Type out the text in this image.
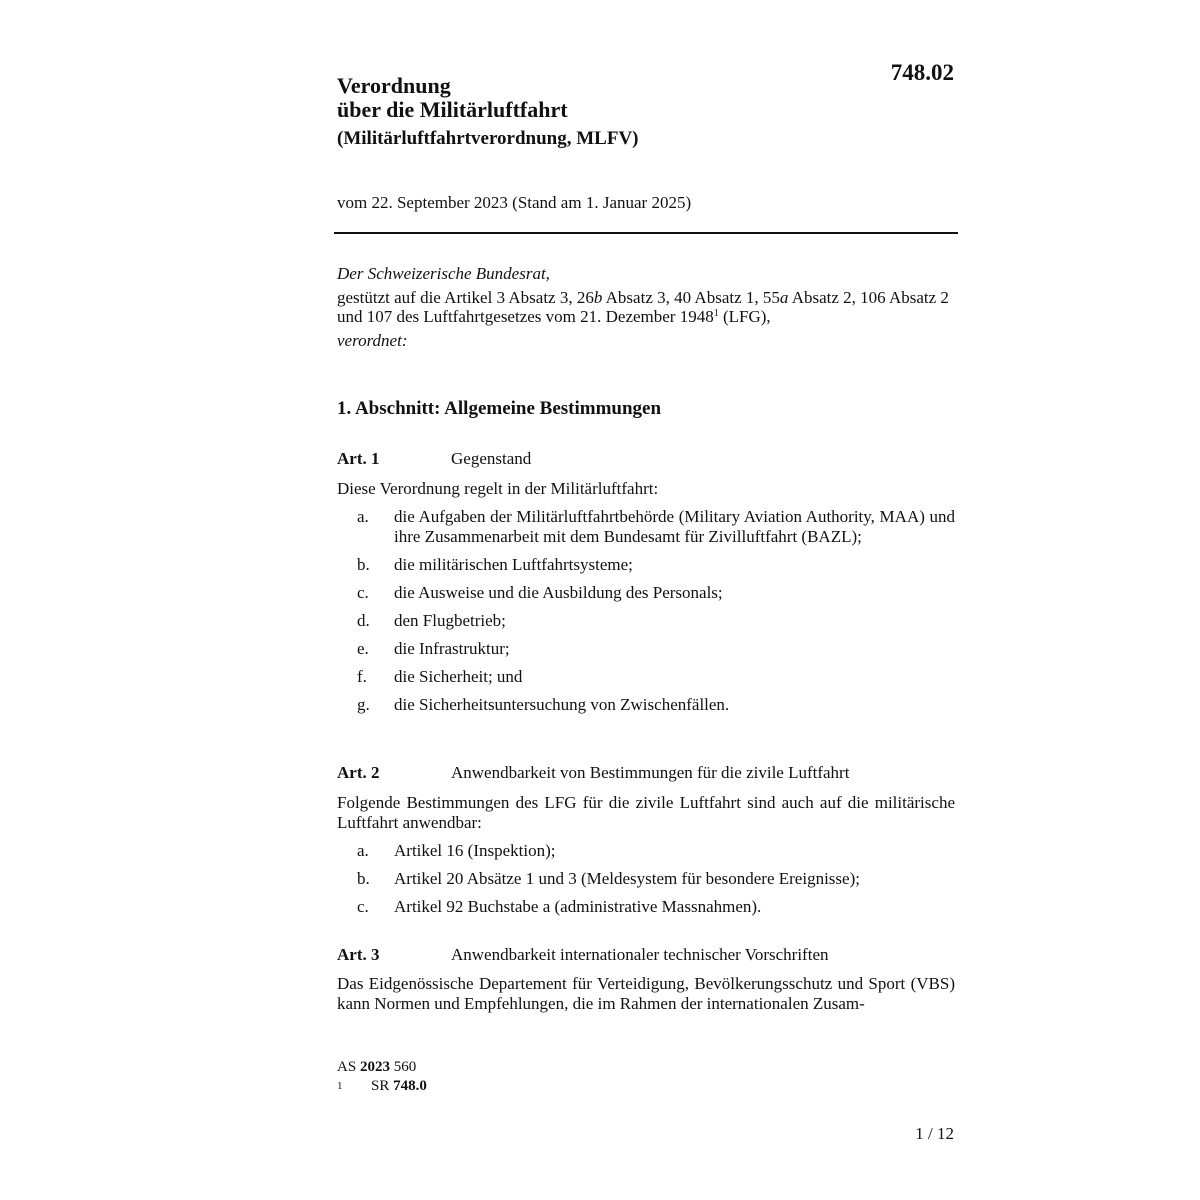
748.02
Verordnung
über die Militärluftfahrt
(Militärluftfahrtverordnung, MLFV)
vom 22. September 2023 (Stand am 1. Januar 2025)

Der Schweizerische Bundesrat,

gestützt auf die Artikel 3 Absatz 3, 26b Absatz 3, 40 Absatz 1, 55a Absatz 2, 106 Absatz 2 und 107 des Luftfahrtgesetzes vom 21. Dezember 1948$^1$ (LFG),

verordnet:

1. Abschnitt: Allgemeine Bestimmungen
Art. 1	Gegenstand

Diese Verordnung regelt in der Militärluftfahrt:

a. die Aufgaben der Militärluftfahrtbehörde (Military Aviation Authority, MAA) und ihre Zusammenarbeit mit dem Bundesamt für Zivilluftfahrt (BAZL);
b. die militärischen Luftfahrtsysteme;
c. die Ausweise und die Ausbildung des Personals;
d. den Flugbetrieb;
e. die Infrastruktur;
f. die Sicherheit; und
g. die Sicherheitsuntersuchung von Zwischenfällen.
Art. 2	Anwendbarkeit von Bestimmungen für die zivile Luftfahrt

Folgende Bestimmungen des LFG für die zivile Luftfahrt sind auch auf die militärische Luftfahrt anwendbar:

a. Artikel 16 (Inspektion);
b. Artikel 20 Absätze 1 und 3 (Meldesystem für besondere Ereignisse);
c. Artikel 92 Buchstabe a (administrative Massnahmen).
Art. 3	Anwendbarkeit internationaler technischer Vorschriften

Das Eidgenössische Departement für Verteidigung, Bevölkerungsschutz und Sport (VBS) kann Normen und Empfehlungen, die im Rahmen der internationalen Zusam-

AS 2023 560
1	SR 748.0
1 / 12
